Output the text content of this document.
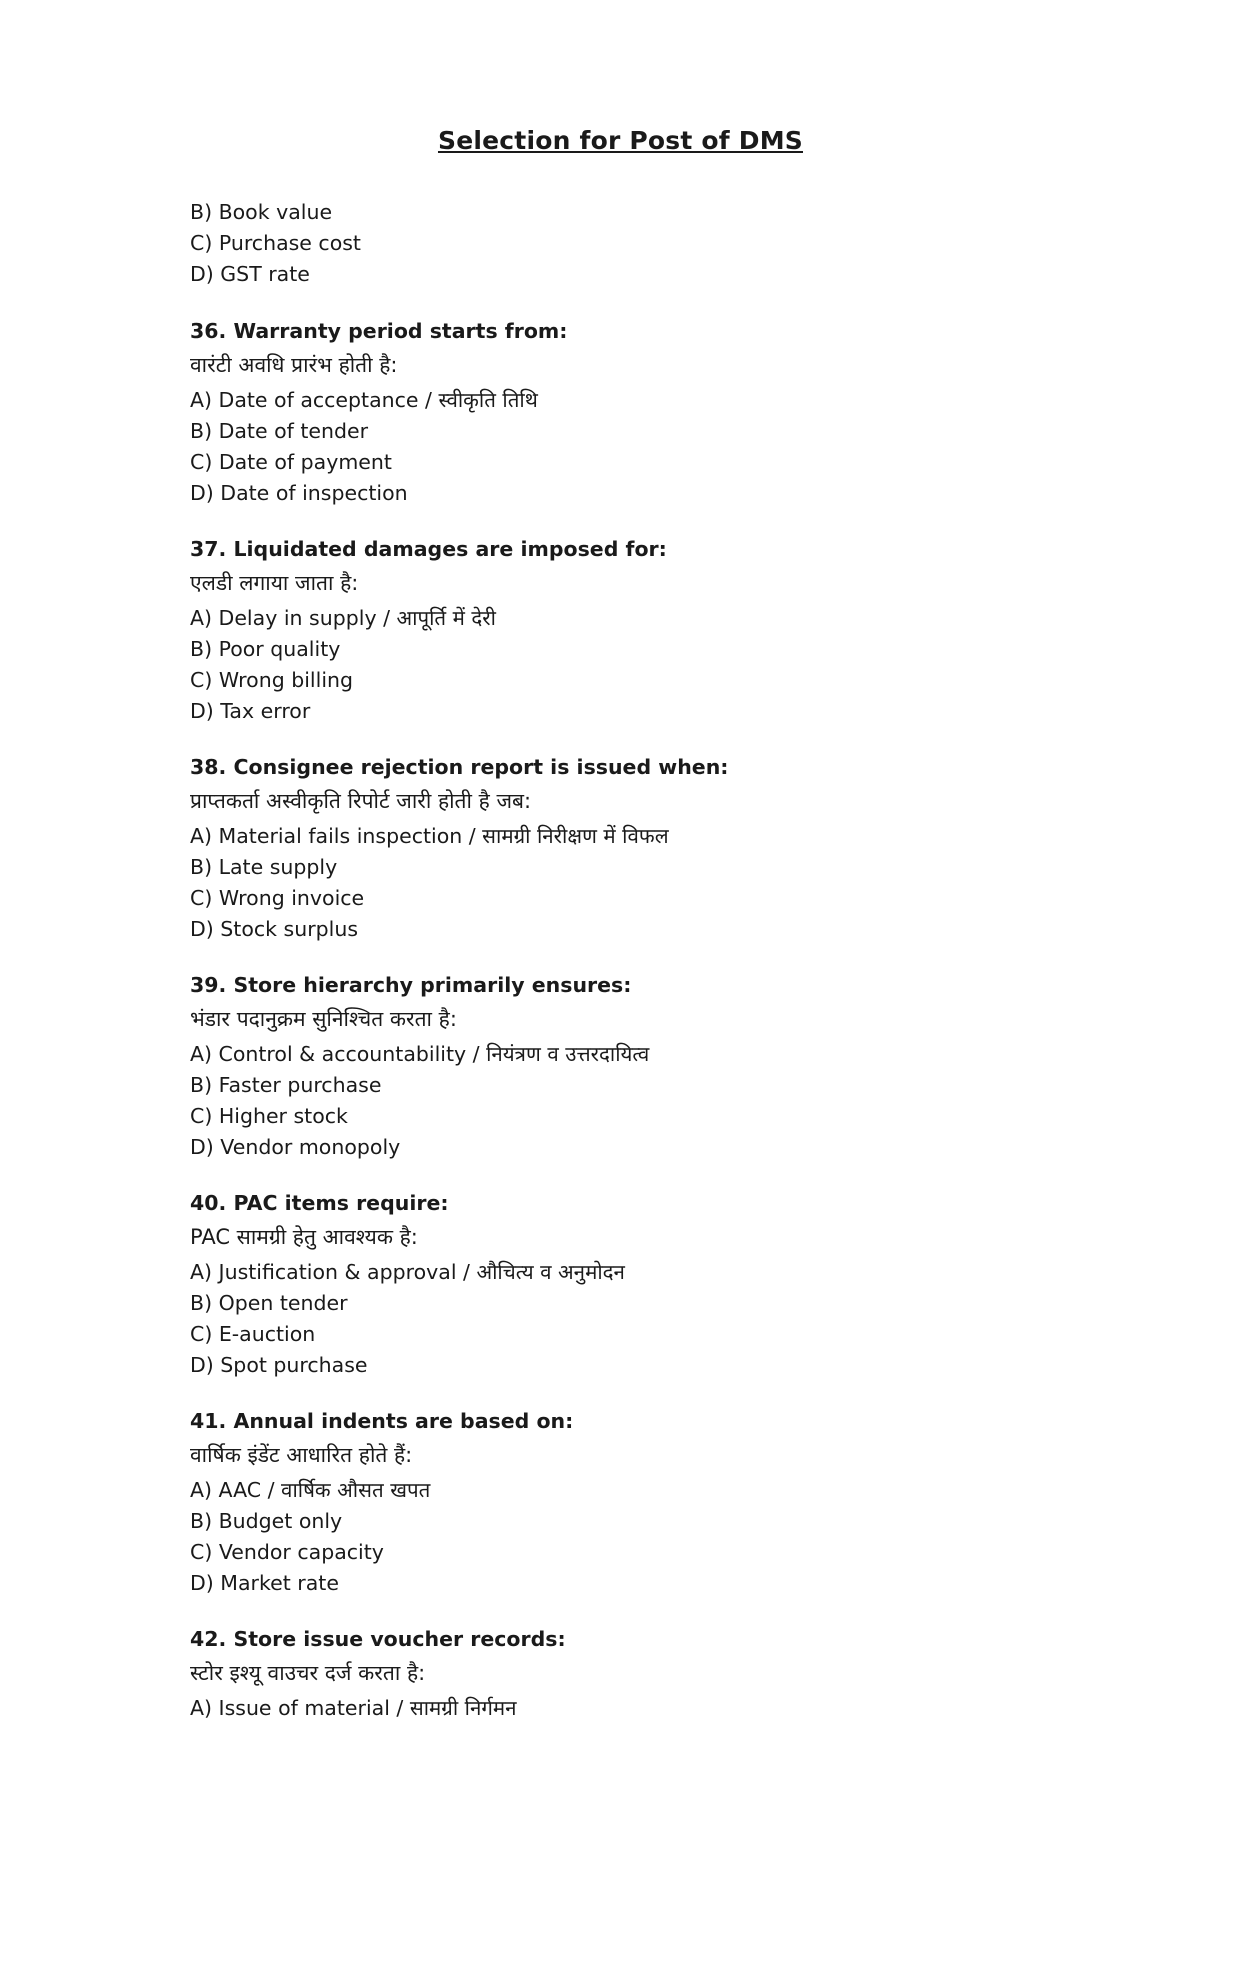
Selection for Post of DMS

B) Book value

C) Purchase cost

D) GST rate

36. Warranty period starts from:

वारंटी अवधि प्रारंभ होती है:

A) Date of acceptance / स्वीकृति तिथि

B) Date of tender

C) Date of payment

D) Date of inspection

37. Liquidated damages are imposed for:

एलडी लगाया जाता है:

A) Delay in supply / आपूर्ति में देरी

B) Poor quality

C) Wrong billing

D) Tax error

38. Consignee rejection report is issued when:

प्राप्तकर्ता अस्वीकृति रिपोर्ट जारी होती है जब:

A) Material fails inspection / सामग्री निरीक्षण में विफल

B) Late supply

C) Wrong invoice

D) Stock surplus

39. Store hierarchy primarily ensures:

भंडार पदानुक्रम सुनिश्चित करता है:

A) Control & accountability / नियंत्रण व उत्तरदायित्व

B) Faster purchase

C) Higher stock

D) Vendor monopoly

40. PAC items require:

PAC सामग्री हेतु आवश्यक है:

A) Justification & approval / औचित्य व अनुमोदन

B) Open tender

C) E-auction

D) Spot purchase

41. Annual indents are based on:

वार्षिक इंडेंट आधारित होते हैं:

A) AAC / वार्षिक औसत खपत

B) Budget only

C) Vendor capacity

D) Market rate

42. Store issue voucher records:

स्टोर इश्यू वाउचर दर्ज करता है:

A) Issue of material / सामग्री निर्गमन
